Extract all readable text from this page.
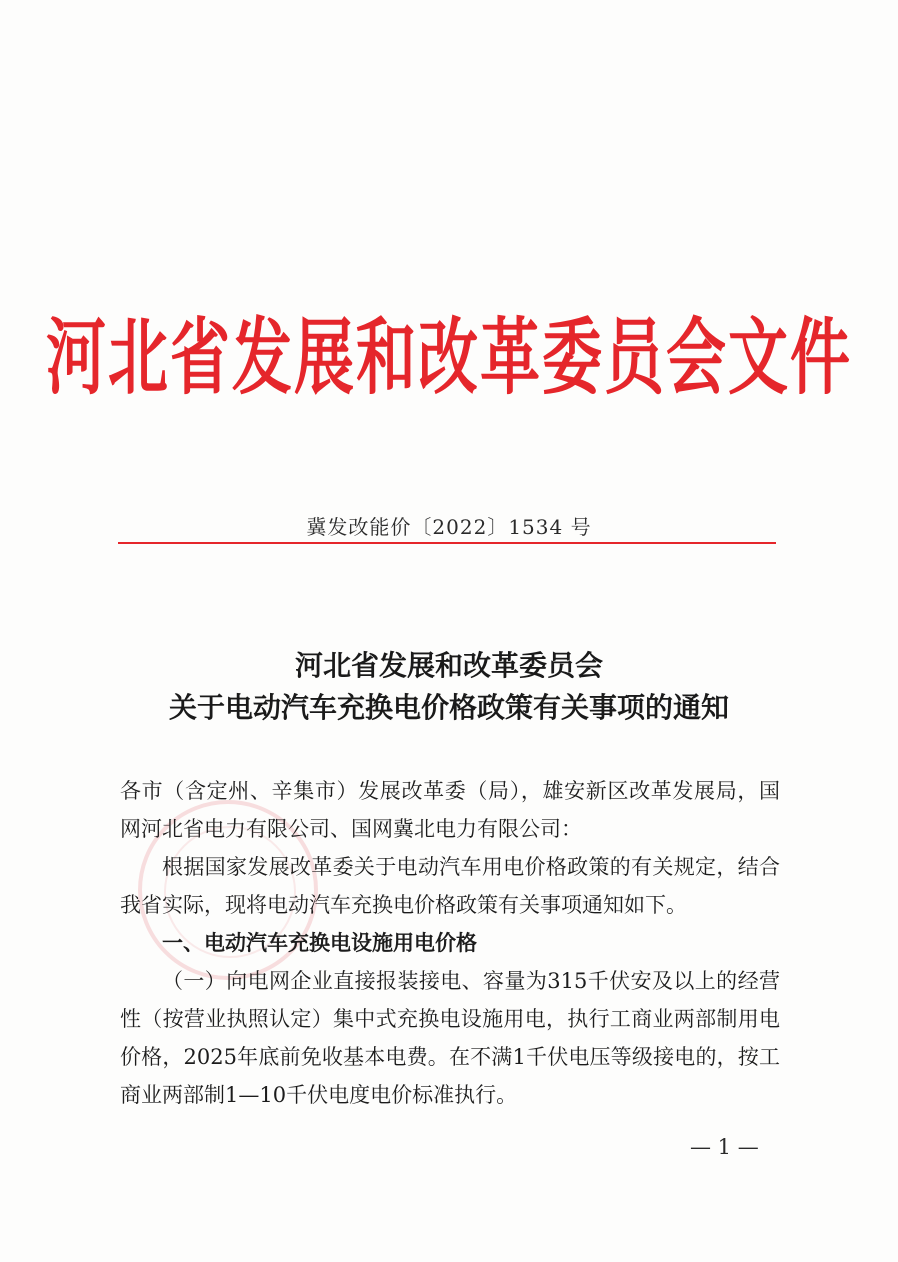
河北省发展和改革委员会文件
冀发改能价〔2022〕1534 号
河北省发展和改革委员会
关于电动汽车充换电价格政策有关事项的通知

各市（含定州、辛集市）发展改革委（局），雄安新区改革发展局，国网河北省电力有限公司、国网冀北电力有限公司：

根据国家发展改革委关于电动汽车用电价格政策的有关规定，结合我省实际，现将电动汽车充换电价格政策有关事项通知如下。

一、电动汽车充换电设施用电价格

（一）向电网企业直接报装接电、容量为315千伏安及以上的经营性（按营业执照认定）集中式充换电设施用电，执行工商业两部制用电价格，2025年底前免收基本电费。在不满1千伏电压等级接电的，按工商业两部制1—10千伏电度电价标准执行。

— 1 —
